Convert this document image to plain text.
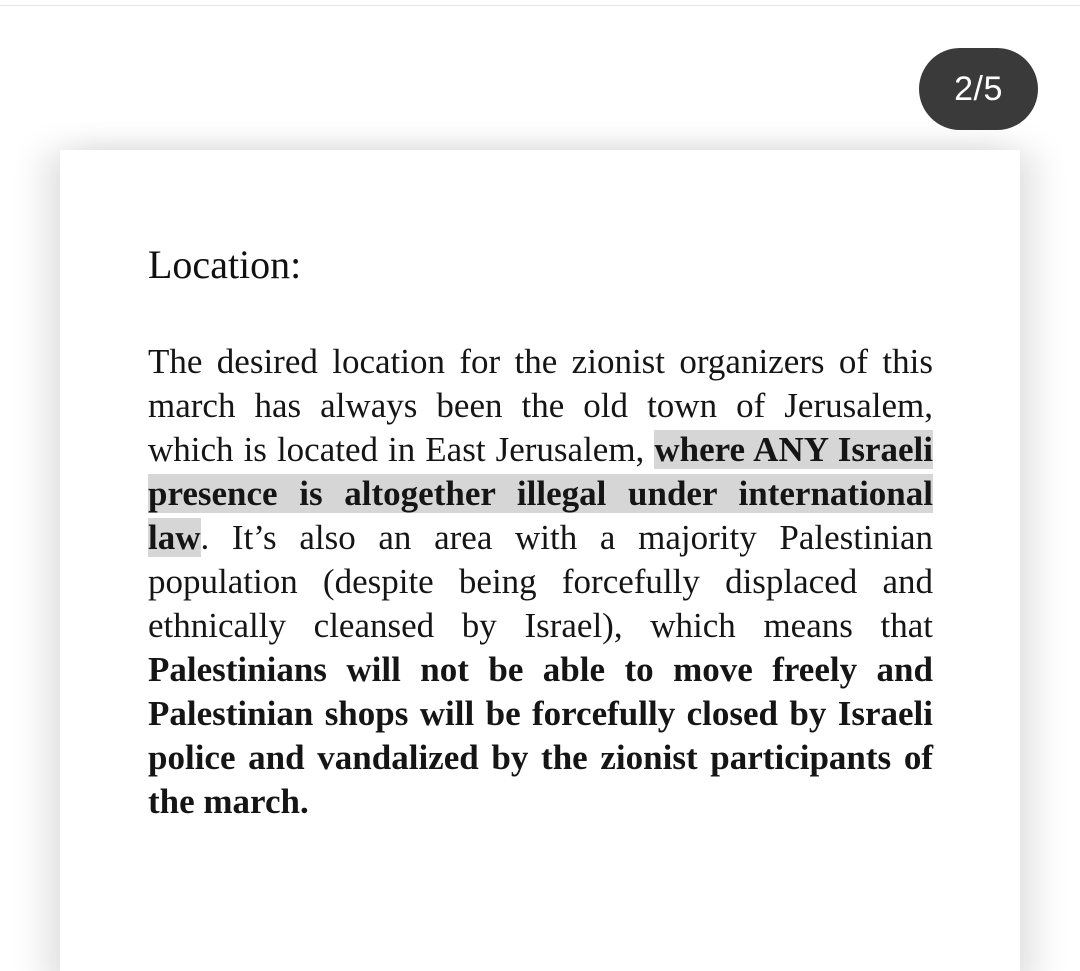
2/5
Location:

The desired location for the zionist organizers of this march has always been the old town of Jerusalem, which is located in East Jerusalem, where ANY Israeli presence is altogether illegal under international law. It’s also an area with a majority Palestinian population (despite being forcefully displaced and ethnically cleansed by Israel), which means that Palestinians will not be able to move freely and Palestinian shops will be forcefully closed by Israeli police and vandalized by the zionist participants of the march.
